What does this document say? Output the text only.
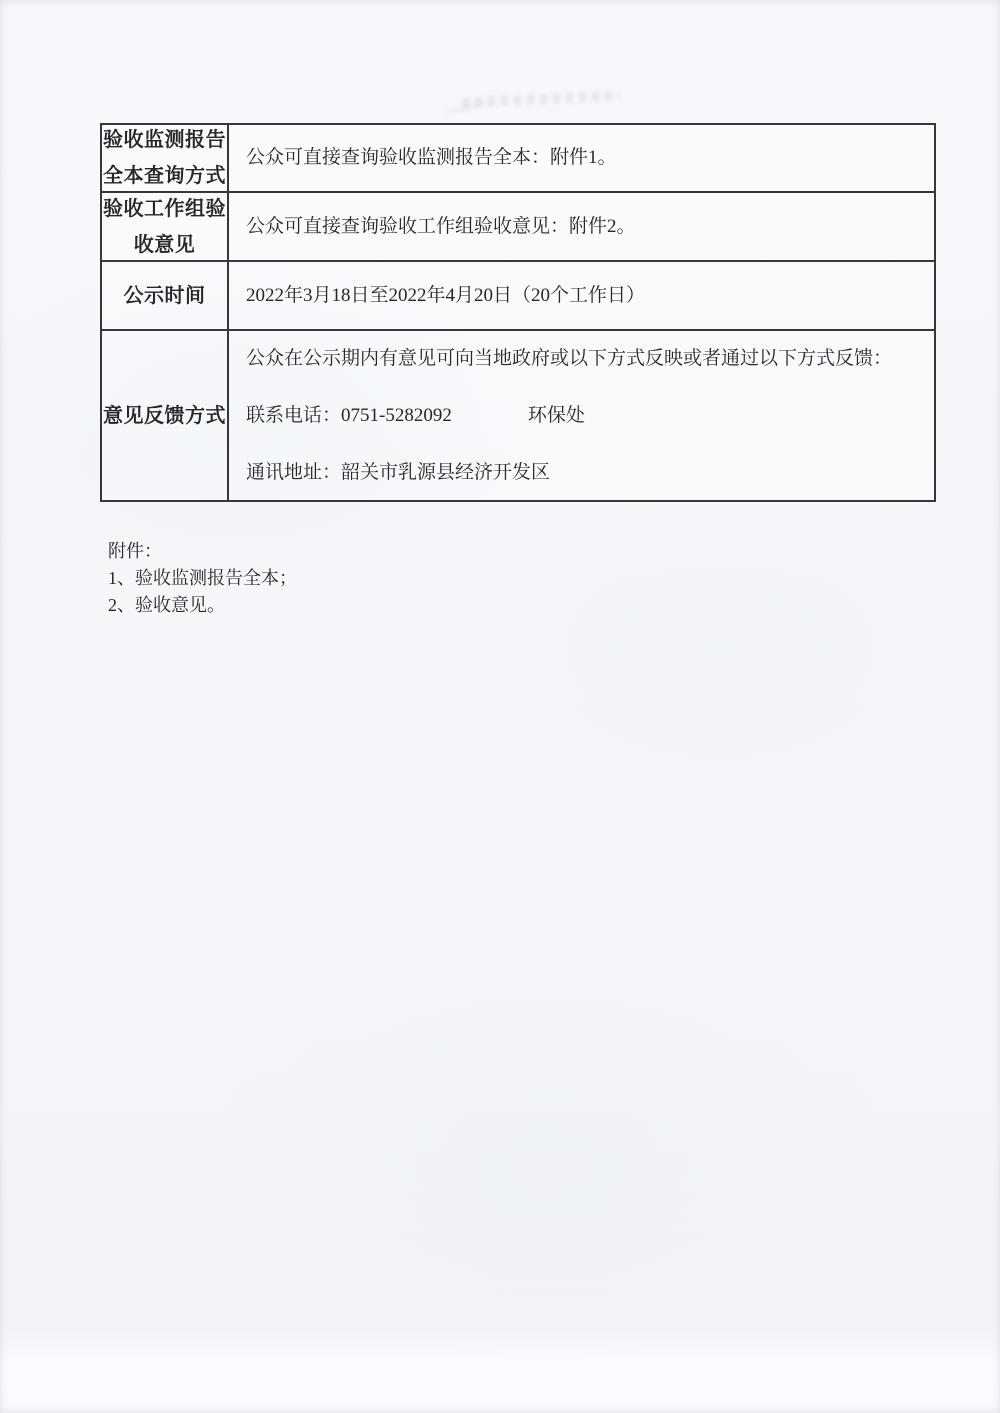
验收监测报告
全本查询方式
公众可直接查询验收监测报告全本：附件1。
验收工作组验
收意见
公众可直接查询验收工作组验收意见：附件2。
公示时间 2022年3月18日至2022年4月20日（20个工作日）
意见反馈方式
公众在公示期内有意见可向当地政府或以下方式反映或者通过以下方式反馈：
联系电话：0751-5282092	环保处
通讯地址：韶关市乳源县经济开发区
附件：
1、验收监测报告全本；
2、验收意见。
